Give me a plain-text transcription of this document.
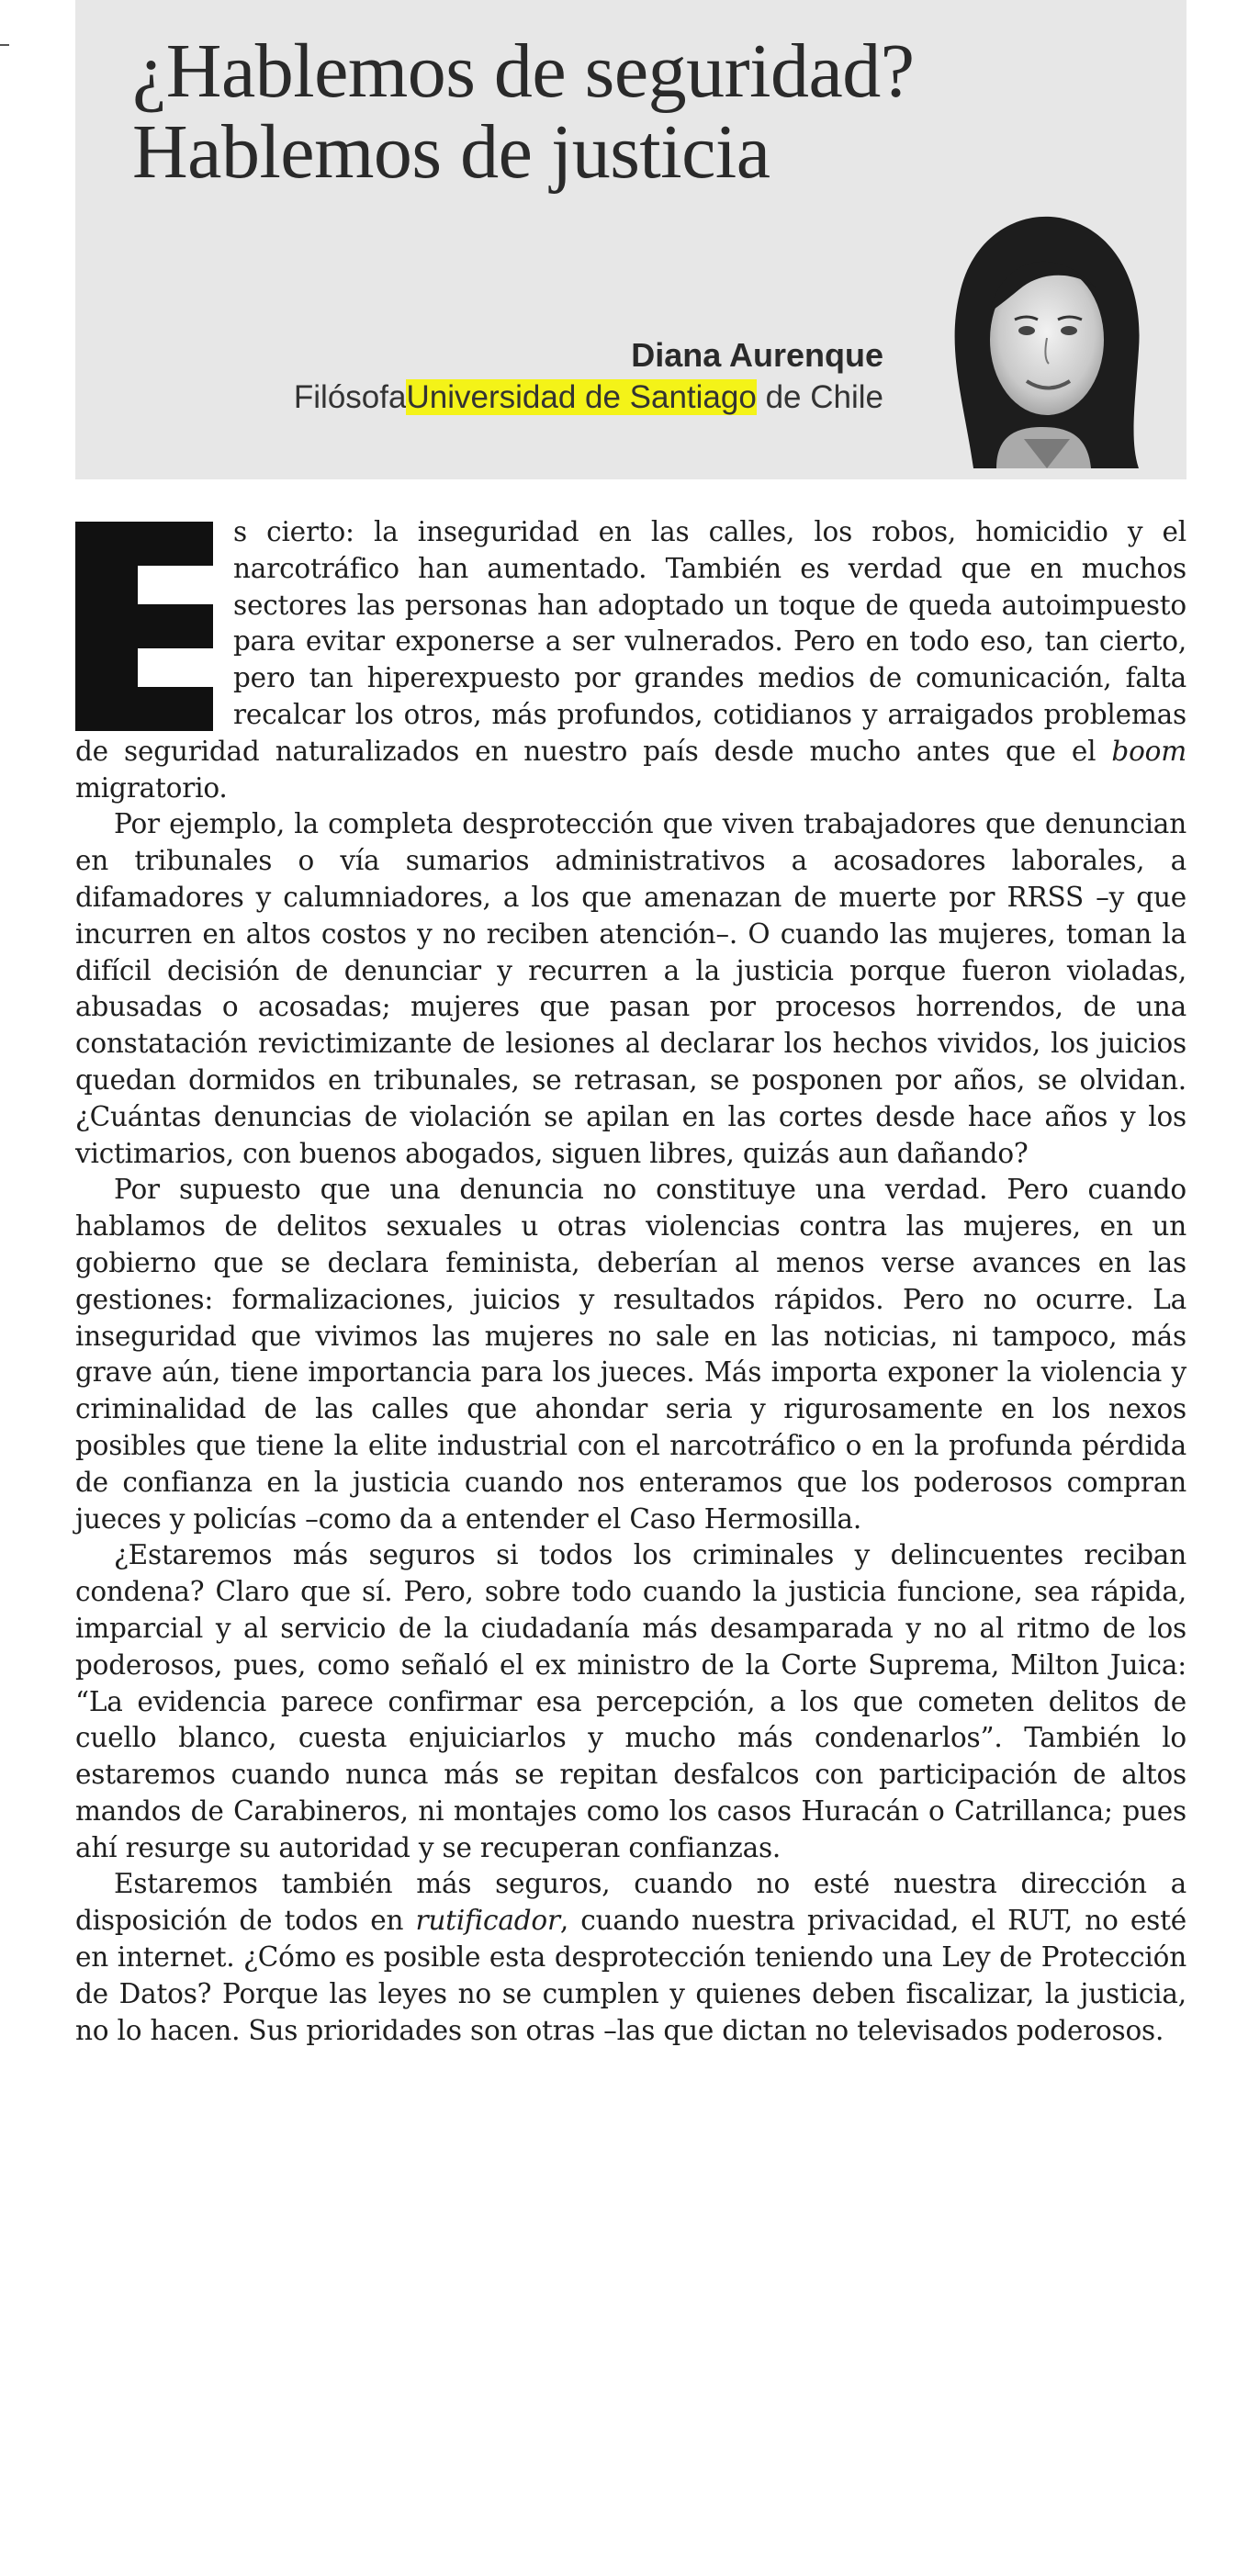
¿Hablemos de seguridad?
Hablemos de justicia
Diana Aurenque
FilósofaUniversidad de Santiago de Chile

s cierto: la inseguridad en las calles, los robos, homicidio y el narcotráfico han aumentado. También es verdad que en muchos sectores las personas han adoptado un toque de queda autoimpuesto para evitar exponerse a ser vulnerados. Pero en todo eso, tan cierto, pero tan hiperexpuesto por grandes medios de comunicación, falta recalcar los otros, más profundos, cotidianos y arraigados problemas de seguridad naturalizados en nuestro país desde mucho antes que el boom migratorio.

Por ejemplo, la completa desprotección que viven trabajadores que denuncian en tribunales o vía sumarios administrativos a acosadores laborales, a difamadores y calumniadores, a los que amenazan de muerte por RRSS –y que incurren en altos costos y no reciben atención–. O cuando las mujeres, toman la difícil decisión de denunciar y recurren a la justicia porque fueron violadas, abusadas o acosadas; mujeres que pasan por procesos horrendos, de una constatación revictimizante de lesiones al declarar los hechos vividos, los juicios quedan dormidos en tribunales, se retrasan, se posponen por años, se olvidan. ¿Cuántas denuncias de violación se apilan en las cortes desde hace años y los victimarios, con buenos abogados, siguen libres, quizás aun dañando?

Por supuesto que una denuncia no constituye una verdad. Pero cuando hablamos de delitos sexuales u otras violencias contra las mujeres, en un gobierno que se declara feminista, deberían al menos verse avances en las gestiones: formalizaciones, juicios y resultados rápidos. Pero no ocurre. La inseguridad que vivimos las mujeres no sale en las noticias, ni tampoco, más grave aún, tiene importancia para los jueces. Más importa exponer la violencia y criminalidad de las calles que ahondar seria y rigurosamente en los nexos posibles que tiene la elite industrial con el narcotráfico o en la profunda pérdida de confianza en la justicia cuando nos enteramos que los poderosos compran jueces y policías –como da a entender el Caso Hermosilla.

¿Estaremos más seguros si todos los criminales y delincuentes reciban condena? Claro que sí. Pero, sobre todo cuando la justicia funcione, sea rápida, imparcial y al servicio de la ciudadanía más desamparada y no al ritmo de los poderosos, pues, como señaló el ex ministro de la Corte Suprema, Milton Juica: “La evidencia parece confirmar esa percepción, a los que cometen delitos de cuello blanco, cuesta enjuiciarlos y mucho más condenarlos”. También lo estaremos cuando nunca más se repitan desfalcos con participación de altos mandos de Carabineros, ni montajes como los casos Huracán o Catrillanca; pues ahí resurge su autoridad y se recuperan confianzas.

Estaremos también más seguros, cuando no esté nuestra dirección a disposición de todos en rutificador, cuando nuestra privacidad, el RUT, no esté en internet. ¿Cómo es posible esta desprotección teniendo una Ley de Protección de Datos? Porque las leyes no se cumplen y quienes deben fiscalizar, la justicia, no lo hacen. Sus prioridades son otras –las que dictan no televisados poderosos.
